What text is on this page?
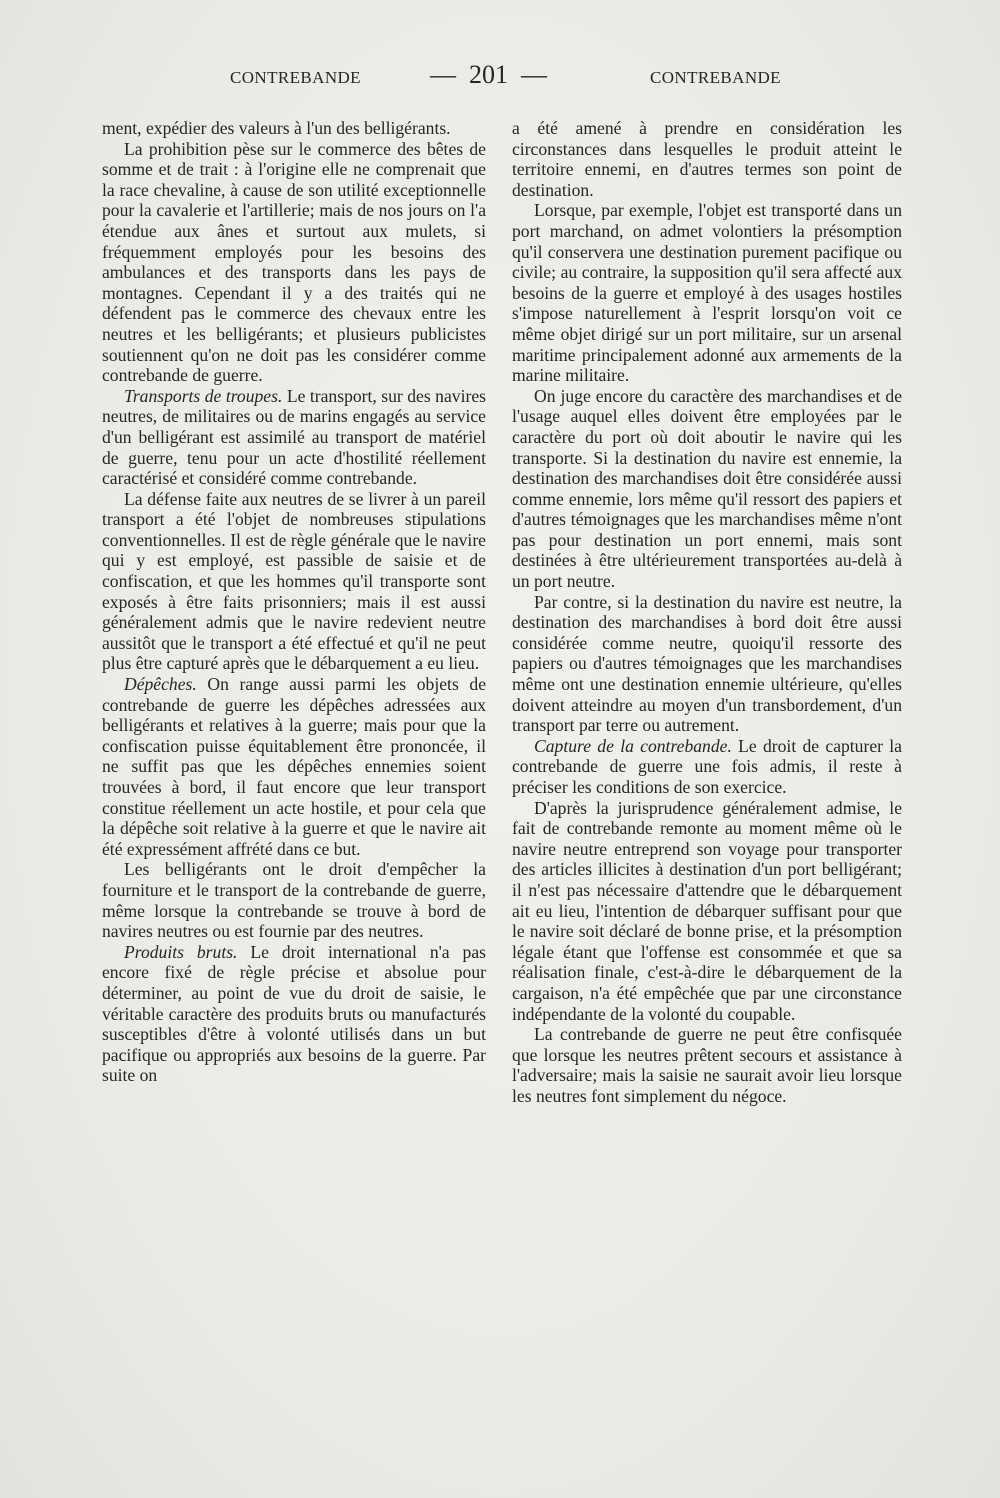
CONTREBANDE	—  201  —	CONTREBANDE

ment, expédier des valeurs à l'un des belligérants.

La prohibition pèse sur le commerce des bêtes de somme et de trait : à l'origine elle ne comprenait que la race chevaline, à cause de son utilité exceptionnelle pour la cavalerie et l'artillerie; mais de nos jours on l'a étendue aux ânes et surtout aux mulets, si fréquemment employés pour les besoins des ambulances et des transports dans les pays de montagnes. Cependant il y a des traités qui ne défendent pas le commerce des chevaux entre les neutres et les belligérants; et plusieurs publicistes soutiennent qu'on ne doit pas les considérer comme contrebande de guerre.

Transports de troupes. Le transport, sur des navires neutres, de militaires ou de marins engagés au service d'un belligérant est assimilé au transport de matériel de guerre, tenu pour un acte d'hostilité réellement caractérisé et considéré comme contrebande.

La défense faite aux neutres de se livrer à un pareil transport a été l'objet de nombreuses stipulations conventionnelles. Il est de règle générale que le navire qui y est employé, est passible de saisie et de confiscation, et que les hommes qu'il transporte sont exposés à être faits prisonniers; mais il est aussi généralement admis que le navire redevient neutre aussitôt que le transport a été effectué et qu'il ne peut plus être capturé après que le débarquement a eu lieu.

Dépêches. On range aussi parmi les objets de contrebande de guerre les dépêches adressées aux belligérants et relatives à la guerre; mais pour que la confiscation puisse équitablement être prononcée, il ne suffit pas que les dépêches ennemies soient trouvées à bord, il faut encore que leur transport constitue réellement un acte hostile, et pour cela que la dépêche soit relative à la guerre et que le navire ait été expressément affrété dans ce but.

Les belligérants ont le droit d'empêcher la fourniture et le transport de la contrebande de guerre, même lorsque la contrebande se trouve à bord de navires neutres ou est fournie par des neutres.

Produits bruts. Le droit international n'a pas encore fixé de règle précise et absolue pour déterminer, au point de vue du droit de saisie, le véritable caractère des produits bruts ou manufacturés susceptibles d'être à volonté utilisés dans un but pacifique ou appropriés aux besoins de la guerre. Par suite on

a été amené à prendre en considération les circonstances dans lesquelles le produit atteint le territoire ennemi, en d'autres termes son point de destination.

Lorsque, par exemple, l'objet est transporté dans un port marchand, on admet volontiers la présomption qu'il conservera une destination purement pacifique ou civile; au contraire, la supposition qu'il sera affecté aux besoins de la guerre et employé à des usages hostiles s'impose naturellement à l'esprit lorsqu'on voit ce même objet dirigé sur un port militaire, sur un arsenal maritime principalement adonné aux armements de la marine militaire.

On juge encore du caractère des marchandises et de l'usage auquel elles doivent être employées par le caractère du port où doit aboutir le navire qui les transporte. Si la destination du navire est ennemie, la destination des marchandises doit être considérée aussi comme ennemie, lors même qu'il ressort des papiers et d'autres témoignages que les marchandises même n'ont pas pour destination un port ennemi, mais sont destinées à être ultérieurement transportées au-delà à un port neutre.

Par contre, si la destination du navire est neutre, la destination des marchandises à bord doit être aussi considérée comme neutre, quoiqu'il ressorte des papiers ou d'autres témoignages que les marchandises même ont une destination ennemie ultérieure, qu'elles doivent atteindre au moyen d'un transbordement, d'un transport par terre ou autrement.

Capture de la contrebande. Le droit de capturer la contrebande de guerre une fois admis, il reste à préciser les conditions de son exercice.

D'après la jurisprudence généralement admise, le fait de contrebande remonte au moment même où le navire neutre entreprend son voyage pour transporter des articles illicites à destination d'un port belligérant; il n'est pas nécessaire d'attendre que le débarquement ait eu lieu, l'intention de débarquer suffisant pour que le navire soit déclaré de bonne prise, et la présomption légale étant que l'offense est consommée et que sa réalisation finale, c'est-à-dire le débarquement de la cargaison, n'a été empêchée que par une circonstance indépendante de la volonté du coupable.

La contrebande de guerre ne peut être confisquée que lorsque les neutres prêtent secours et assistance à l'adversaire; mais la saisie ne saurait avoir lieu lorsque les neutres font simplement du négoce.
